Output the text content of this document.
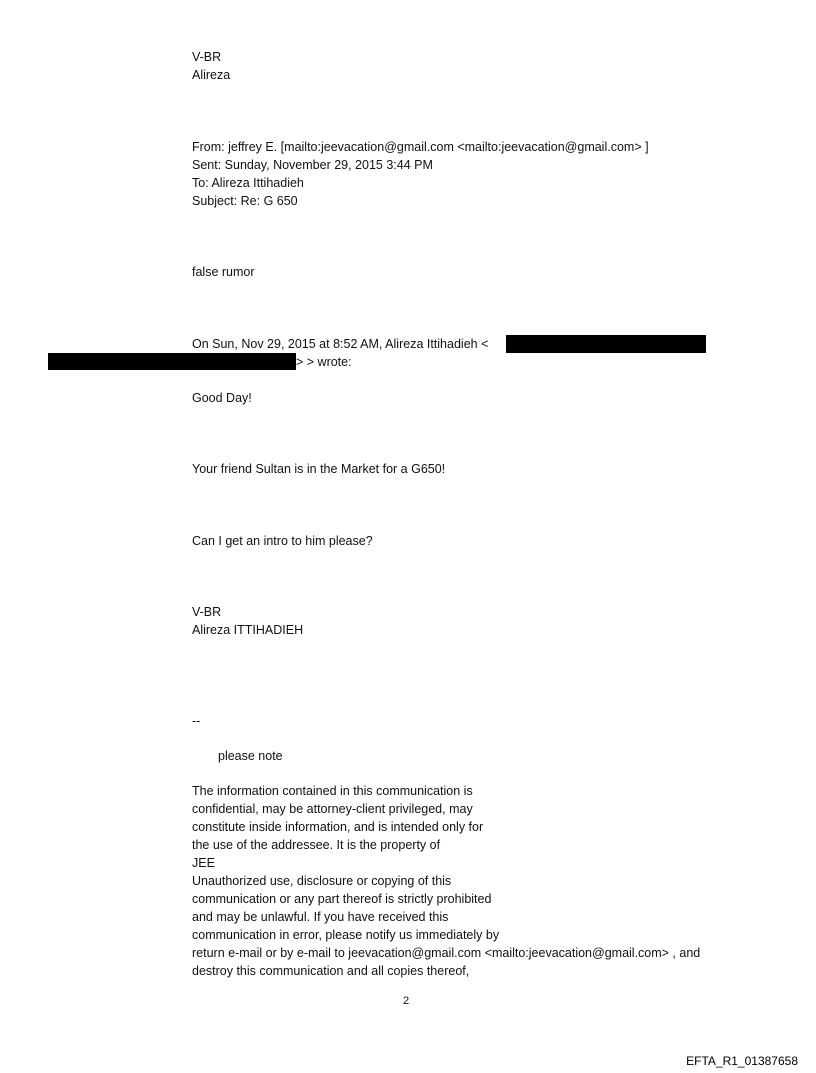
V-BR
Alireza
From: jeffrey E. [mailto:jeevacation@gmail.com <mailto:jeevacation@gmail.com> ]
Sent: Sunday, November 29, 2015 3:44 PM
To: Alireza Ittihadieh
Subject: Re: G 650
false rumor
On Sun, Nov 29, 2015 at 8:52 AM, Alireza Ittihadieh <
> > wrote:
Good Day!
Your friend Sultan is in the Market for a G650!
Can I get an intro to him please?
V-BR
Alireza ITTIHADIEH
--
please note
The information contained in this communication is
confidential, may be attorney-client privileged, may
constitute inside information, and is intended only for
the use of the addressee. It is the property of
JEE
Unauthorized use, disclosure or copying of this
communication or any part thereof is strictly prohibited
and may be unlawful. If you have received this
communication in error, please notify us immediately by
return e-mail or by e-mail to jeevacation@gmail.com <mailto:jeevacation@gmail.com> , and
destroy this communication and all copies thereof,
2
EFTA_R1_01387658
